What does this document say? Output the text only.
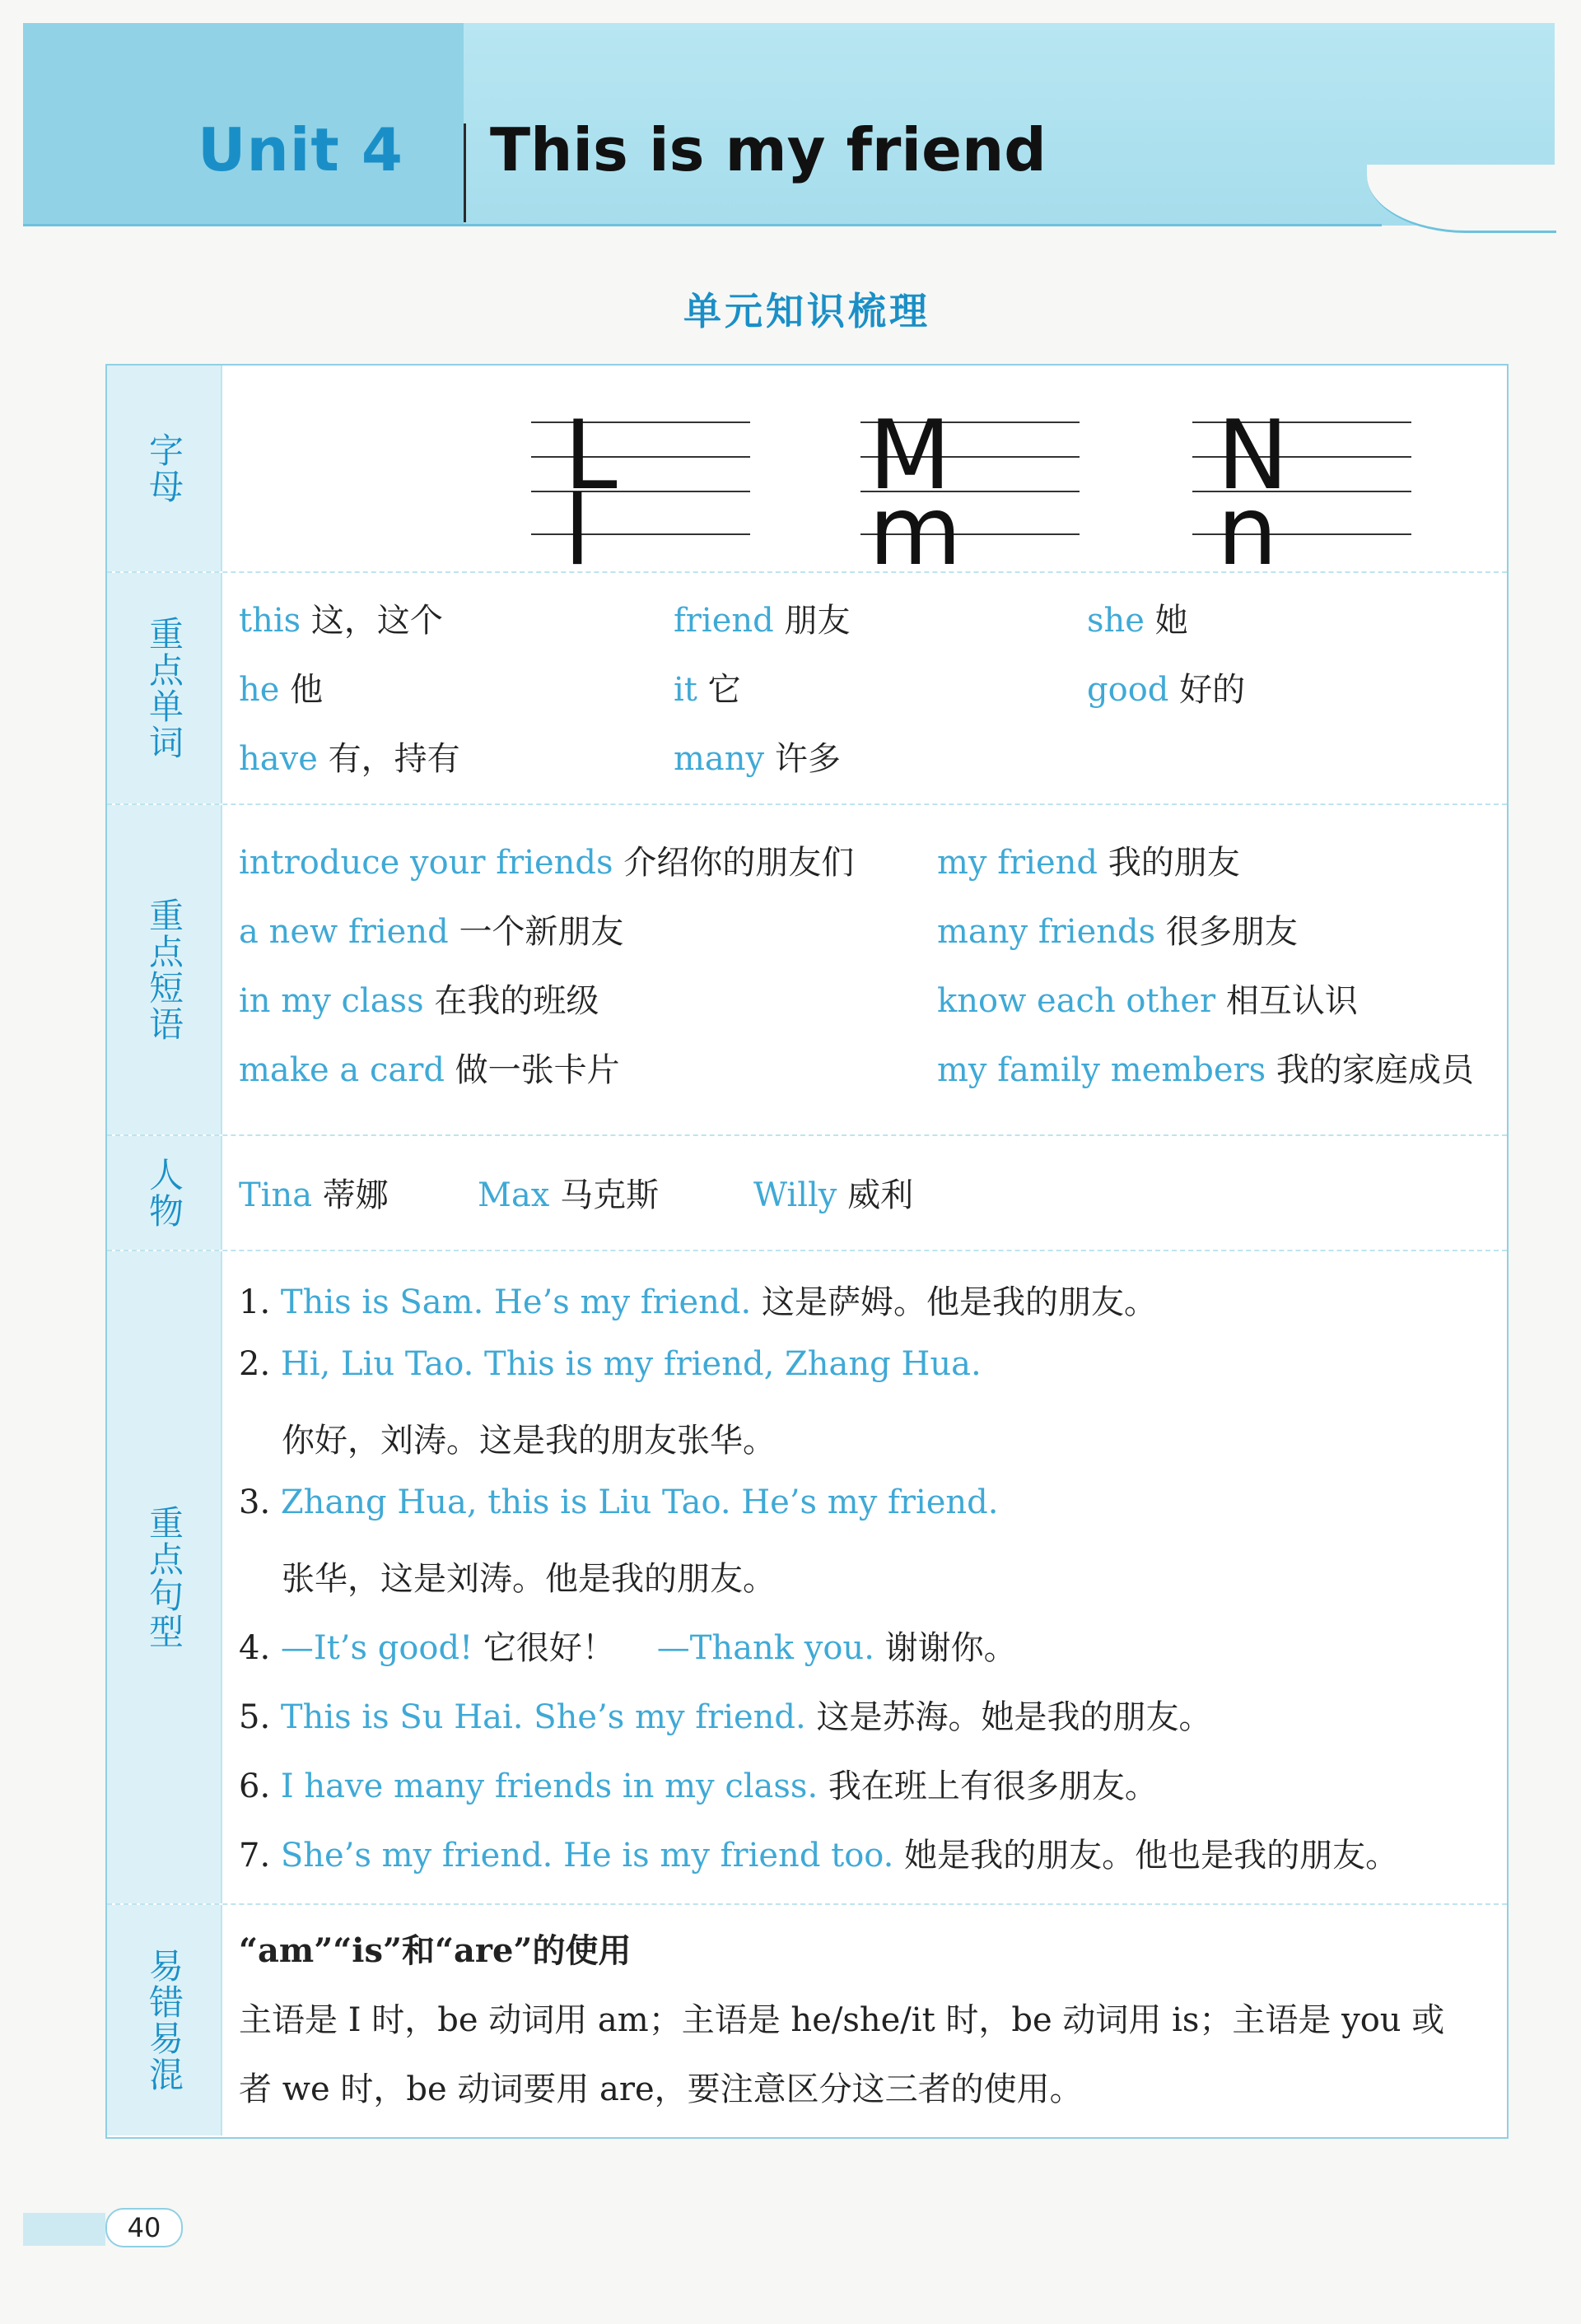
Unit 4 This is my friend
单元知识梳理
字母	L l
M m
N n
重点单词 this 这，这个	friend 朋友	she 她
he 他	it 它	good 好的
have 有，持有	many 许多
重点短语
introduce your friends 介绍你的朋友们	my friend 我的朋友
a new friend 一个新朋友	many friends 很多朋友
in my class 在我的班级	know each other 相互认识
make a card 做一张卡片	my family members 我的家庭成员
人物 Tina 蒂娜	Max 马克斯	Willy 威利
重点句型
1. This is Sam. He’s my friend. 这是萨姆。他是我的朋友。
2. Hi, Liu Tao. This is my friend, Zhang Hua.
你好，刘涛。这是我的朋友张华。
3. Zhang Hua, this is Liu Tao. He’s my friend.
张华，这是刘涛。他是我的朋友。
4. —It’s good! 它很好！ —Thank you. 谢谢你。
5. This is Su Hai. She’s my friend. 这是苏海。她是我的朋友。
6. I have many friends in my class. 我在班上有很多朋友。
7. She’s my friend. He is my friend too. 她是我的朋友。他也是我的朋友。
易错易混 “am”“is”和“are”的使用
主语是 I 时，be 动词用 am；主语是 he/she/it 时，be 动词用 is；主语是 you 或
者 we 时，be 动词要用 are，要注意区分这三者的使用。
40
